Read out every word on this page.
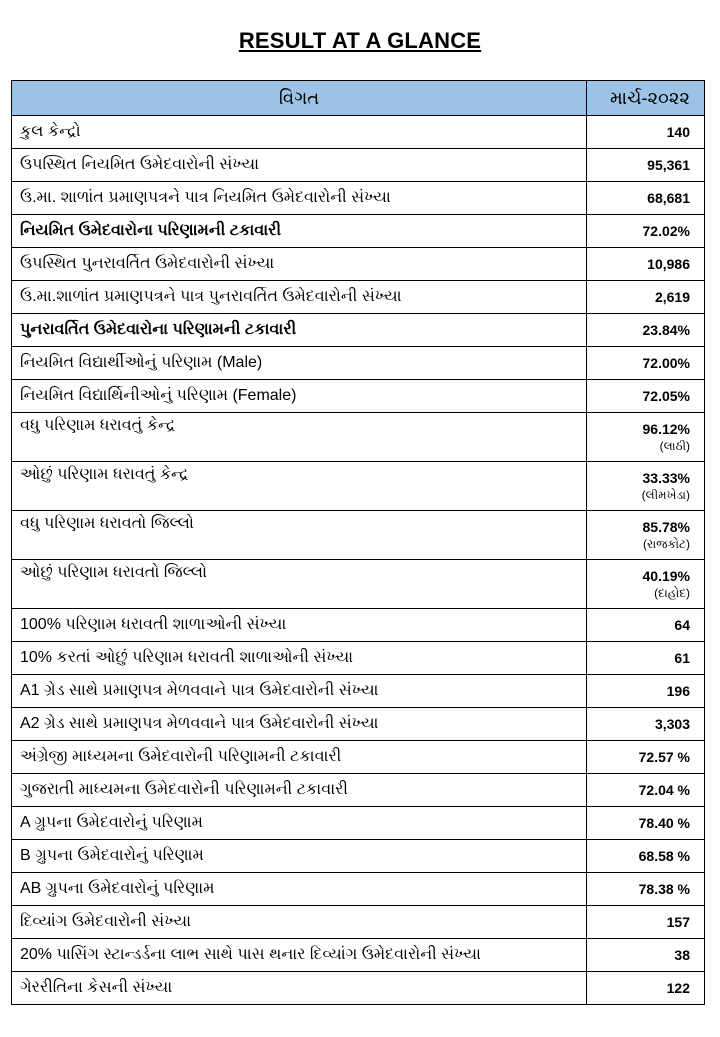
RESULT AT A GLANCE
વિગત	માર્ચ-૨૦૨૨
કુલ કેન્દ્રો	140
ઉપસ્થિત નિયમિત ઉમેદવારોની સંખ્યા	95,361
ઉ.મા. શાળાંત પ્રમાણપત્રને પાત્ર નિયમિત ઉમેદવારોની સંખ્યા	68,681
નિયમિત ઉમેદવારોના પરિણામની ટકાવારી	72.02%
ઉપસ્થિત પુનરાવર્તિત ઉમેદવારોની સંખ્યા	10,986
ઉ.મા.શાળાંત પ્રમાણપત્રને પાત્ર પુનરાવર્તિત ઉમેદવારોની સંખ્યા	2,619
પુનરાવર્તિત ઉમેદવારોના પરિણામની ટકાવારી	23.84%
નિયમિત વિદ્યાર્થીઓનું પરિણામ (Male)	72.00%
નિયમિત વિદ્યાર્થિનીઓનું પરિણામ (Female)	72.05%
વધુ પરિણામ ધરાવતું કેન્દ્ર	96.12%
(લાઠી)

ઓછું પરિણામ ધરાવતું કેન્દ્ર	33.33%
(લીમખેડા)

વધુ પરિણામ ધરાવતો જિલ્લો	85.78%
(રાજકોટ)

ઓછું પરિણામ ધરાવતો જિલ્લો	40.19%
(દાહોદ)

100% પરિણામ ધરાવતી શાળાઓની સંખ્યા	64
10% કરતાં ઓછું પરિણામ ધરાવતી શાળાઓની સંખ્યા	61
A1 ગ્રેડ સાથે પ્રમાણપત્ર મેળવવાને પાત્ર ઉમેદવારોની સંખ્યા	196
A2 ગ્રેડ સાથે પ્રમાણપત્ર મેળવવાને પાત્ર ઉમેદવારોની સંખ્યા	3,303
અંગ્રેજી માધ્યમના ઉમેદવારોની પરિણામની ટકાવારી	72.57 %
ગુજરાતી માધ્યમના ઉમેદવારોની પરિણામની ટકાવારી	72.04 %
A ગ્રુપના ઉમેદવારોનું પરિણામ	78.40 %
B ગ્રુપના ઉમેદવારોનું પરિણામ	68.58 %
AB ગ્રુપના ઉમેદવારોનું પરિણામ	78.38 %
દિવ્યાંગ ઉમેદવારોની સંખ્યા	157
20% પાસિંગ સ્ટાન્ડર્ડના લાભ સાથે પાસ થનાર દિવ્યાંગ ઉમેદવારોની સંખ્યા	38
ગેરરીતિના કેસની સંખ્યા	122
